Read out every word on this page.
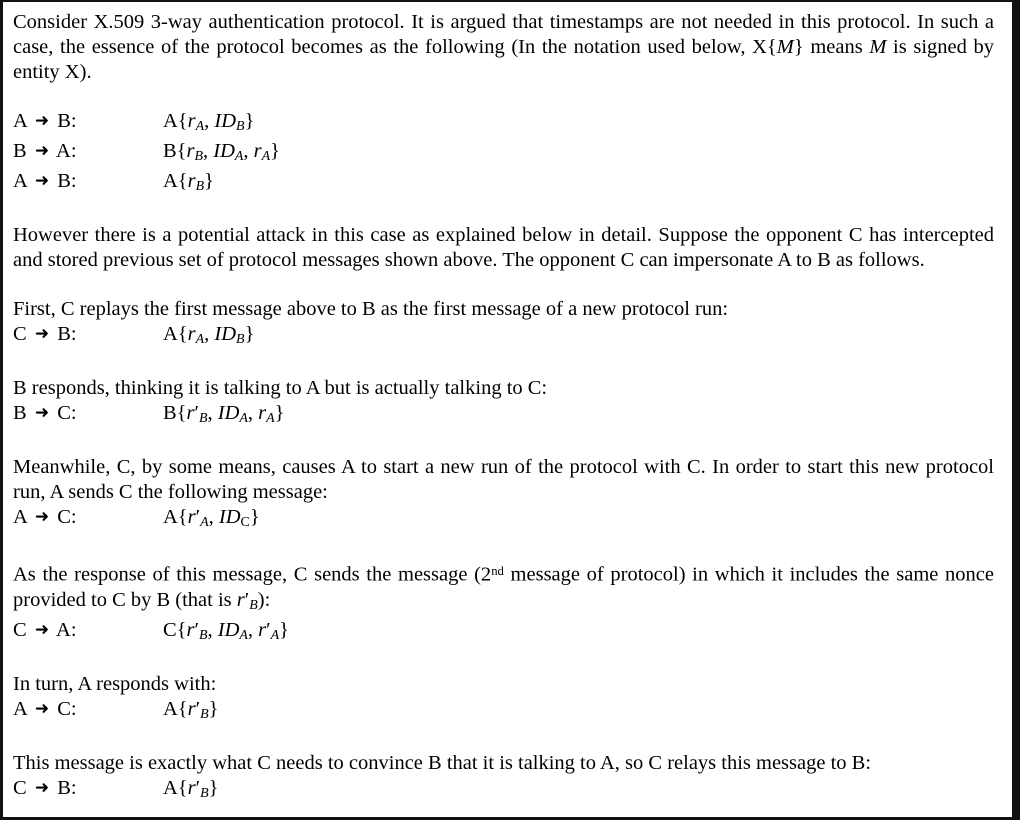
Consider X.509 3-way authentication protocol. It is argued that timestamps are not needed in this protocol. In such a case, the essence of the protocol becomes as the following (In the notation used below, X{M} means M is signed by entity X).

A ➜ B:	$A\{r_A$, $ID_B$}
B ➜ A:	$B\{r_B$, $ID_A$, $r_A$}
A ➜ B:	$A\{r_B\}$

However there is a potential attack in this case as explained below in detail. Suppose the opponent C has intercepted and stored previous set of protocol messages shown above. The opponent C can impersonate A to B as follows.

First, C replays the first message above to B as the first message of a new protocol run:

C ➜ B:	$A\{r_A$, $ID_B$}

B responds, thinking it is talking to A but is actually talking to C:

B ➜ C:	$B\{r'_B$, $ID_A$, $r_A$}

Meanwhile, C, by some means, causes A to start a new run of the protocol with C. In order to start this new protocol run, A sends C the following message:

A ➜ C:	$A\{r'_A$, $ID_C$}

As the response of this message, C sends the message (2nd message of protocol) in which it includes the same nonce provided to C by B (that is $r'_B$):

C ➜ A:	$C\{r'_B$, $ID_A$, $r'_A$}

In turn, A responds with:

A ➜ C:	$A\{r'_B\}$

This message is exactly what C needs to convince B that it is talking to A, so C relays this message to B:

C ➜ B:	$A\{r'_B\}$
